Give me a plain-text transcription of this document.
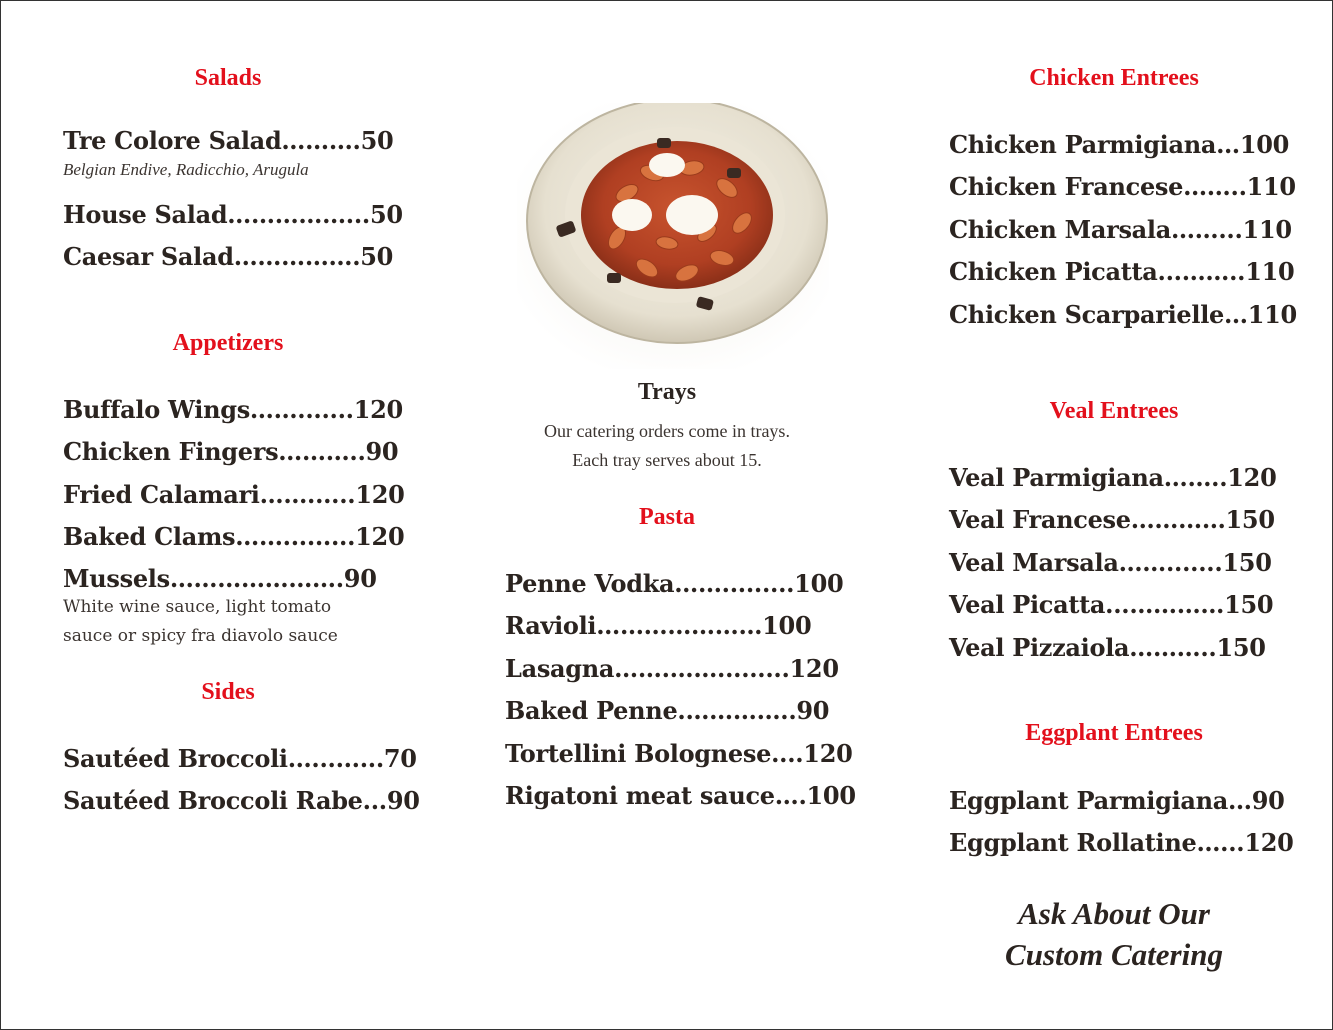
Salads
Tre Colore Salad……….50
Belgian Endive, Radicchio, Arugula
House Salad……………...50
Caesar Salad…………….50
Appetizers
Buffalo Wings…….......120
Chicken Fingers………..90
Fried Calamari……......120
Baked Clams…….........120
Mussels………………….90
White wine sauce, light tomato
sauce or spicy fra diavolo sauce
Sides
Sautéed Broccoli….........70
Sautéed Broccoli Rabe...90
Trays
Our catering orders come in trays.
Each tray serves about 15.
Pasta
Penne Vodka…….........100
Ravioli…………………100
Lasagna…….…….........120
Baked Penne.…………..90
Tortellini Bolognese....120
Rigatoni meat sauce….100
Chicken Entrees
Chicken Parmigiana…100
Chicken Francese……..110
Chicken Marsala……...110
Chicken Picatta...……..110
Chicken Scarparielle…110
Veal Entrees
Veal Parmigiana……..120
Veal Francese…………150
Veal Marsala…….......150
Veal Picatta...…………150
Veal Pizzaiola………..150
Eggplant Entrees
Eggplant Parmigiana…90
Eggplant Rollatine…...120
Ask About Our
Custom Catering
